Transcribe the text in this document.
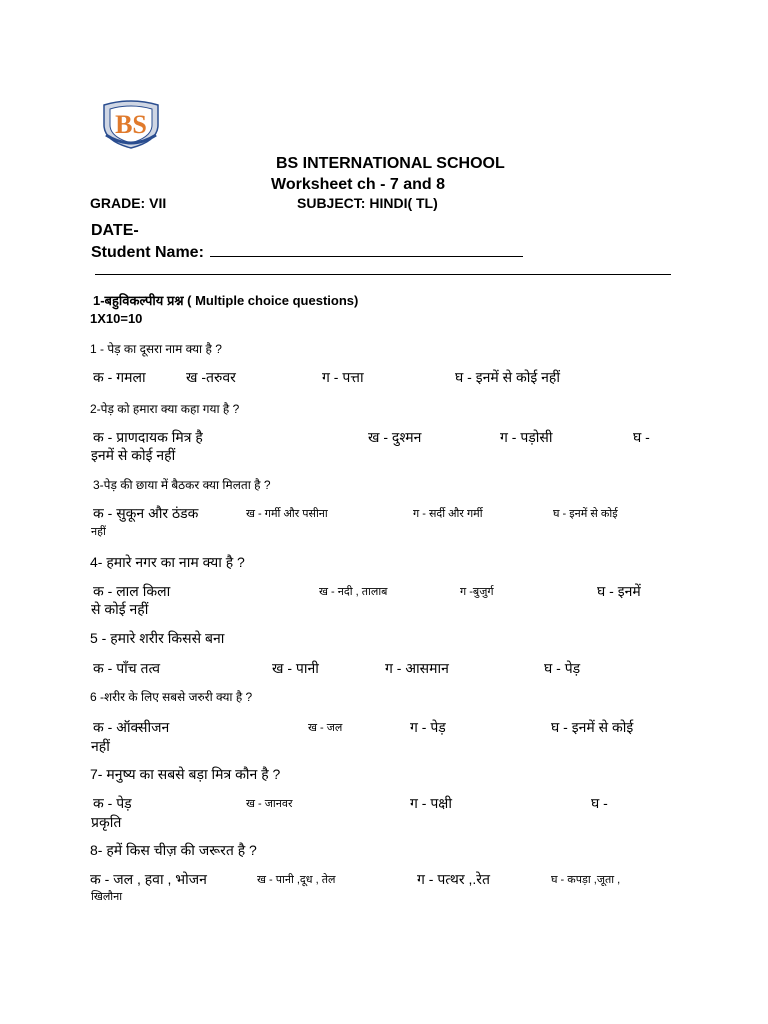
BS
BS INTERNATIONAL SCHOOL
Worksheet ch - 7 and 8
GRADE: VII	SUBJECT: HINDI( TL)
DATE-
Student Name:
1-बहुविकल्पीय प्रश्न ( Multiple choice questions)
1X10=10
1 - पेड़ का दूसरा नाम क्या है ?
क - गमला	ख -तरुवर	ग - पत्ता	घ - इनमें से कोई नहीं
2-पेड़ को हमारा क्या कहा गया है ?
क - प्राणदायक मित्र है	ख - दुश्मन	ग - पड़ोसी	घ -
इनमें से कोई नहीं
3-पेड़ की छाया में बैठकर क्या मिलता है ?
क - सुकून और ठंडक	ख - गर्मी और पसीना	ग - सर्दी और गर्मी	घ - इनमें से कोई
नहीं
4- हमारे नगर का नाम क्या है ?
क - लाल किला	ख - नदी , तालाब	ग -बुजुर्ग	घ - इनमें
से कोई नहीं
5 - हमारे शरीर किससे बना
क - पाँच तत्व	ख - पानी	ग - आसमान	घ - पेड़
6 -शरीर के लिए सबसे जरुरी क्या है ?
क - ऑक्सीजन	ख - जल	ग - पेड़	घ - इनमें से कोई
नहीं
7- मनुष्य का सबसे बड़ा मित्र कौन है ?
क - पेड़	ख - जानवर	ग - पक्षी	घ -
प्रकृति
8- हमें किस चीज़ की जरूरत है ?
क - जल , हवा , भोजन	ख - पानी ,दूध , तेल	ग - पत्थर ,.रेत	घ - कपड़ा ,जूता ,
खिलौना
